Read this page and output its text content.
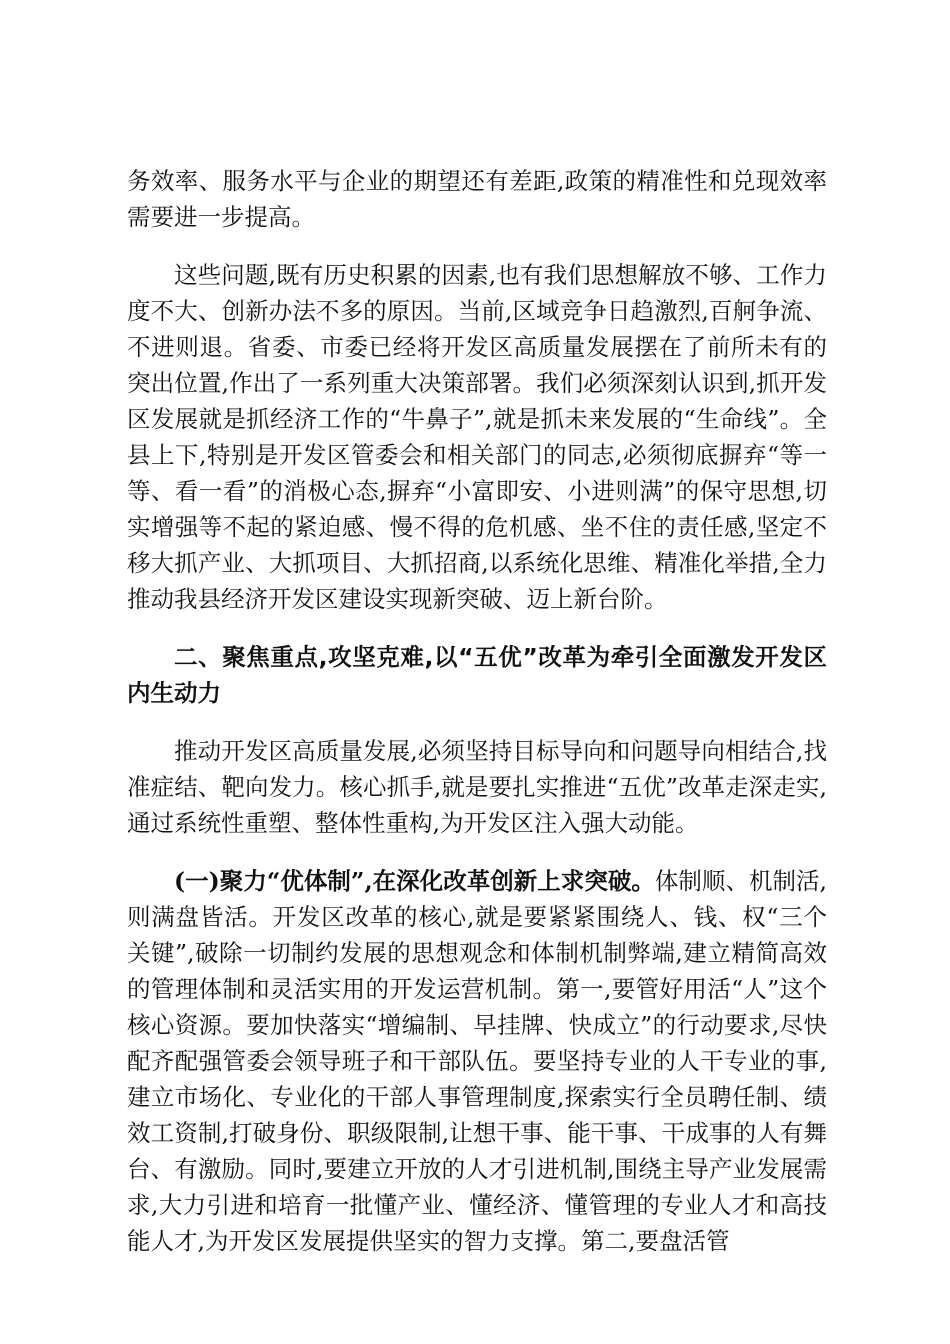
务效率、服务水平与企业的期望还有差距,政策的精准性和兑现效率需要进一步提高。

这些问题,既有历史积累的因素,也有我们思想解放不够、工作力度不大、创新办法不多的原因。当前,区域竞争日趋激烈,百舸争流、不进则退。省委、市委已经将开发区高质量发展摆在了前所未有的突出位置,作出了一系列重大决策部署。我们必须深刻认识到,抓开发区发展就是抓经济工作的“牛鼻子”,就是抓未来发展的“生命线”。全县上下,特别是开发区管委会和相关部门的同志,必须彻底摒弃“等一等、看一看”的消极心态,摒弃“小富即安、小进则满”的保守思想,切实增强等不起的紧迫感、慢不得的危机感、坐不住的责任感,坚定不移大抓产业、大抓项目、大抓招商,以系统化思维、精准化举措,全力推动我县经济开发区建设实现新突破、迈上新台阶。

二、聚焦重点,攻坚克难,以“五优”改革为牵引全面激发开发区内生动力

推动开发区高质量发展,必须坚持目标导向和问题导向相结合,找准症结、靶向发力。核心抓手,就是要扎实推进“五优”改革走深走实,通过系统性重塑、整体性重构,为开发区注入强大动能。

(一)聚力“优体制”,在深化改革创新上求突破。体制顺、机制活,则满盘皆活。开发区改革的核心,就是要紧紧围绕人、钱、权“三个关键”,破除一切制约发展的思想观念和体制机制弊端,建立精简高效的管理体制和灵活实用的开发运营机制。第一,要管好用活“人”这个核心资源。要加快落实“增编制、早挂牌、快成立”的行动要求,尽快配齐配强管委会领导班子和干部队伍。要坚持专业的人干专业的事,建立市场化、专业化的干部人事管理制度,探索实行全员聘任制、绩效工资制,打破身份、职级限制,让想干事、能干事、干成事的人有舞台、有激励。同时,要建立开放的人才引进机制,围绕主导产业发展需求,大力引进和培育一批懂产业、懂经济、懂管理的专业人才和高技能人才,为开发区发展提供坚实的智力支撑。第二,要盘活管
